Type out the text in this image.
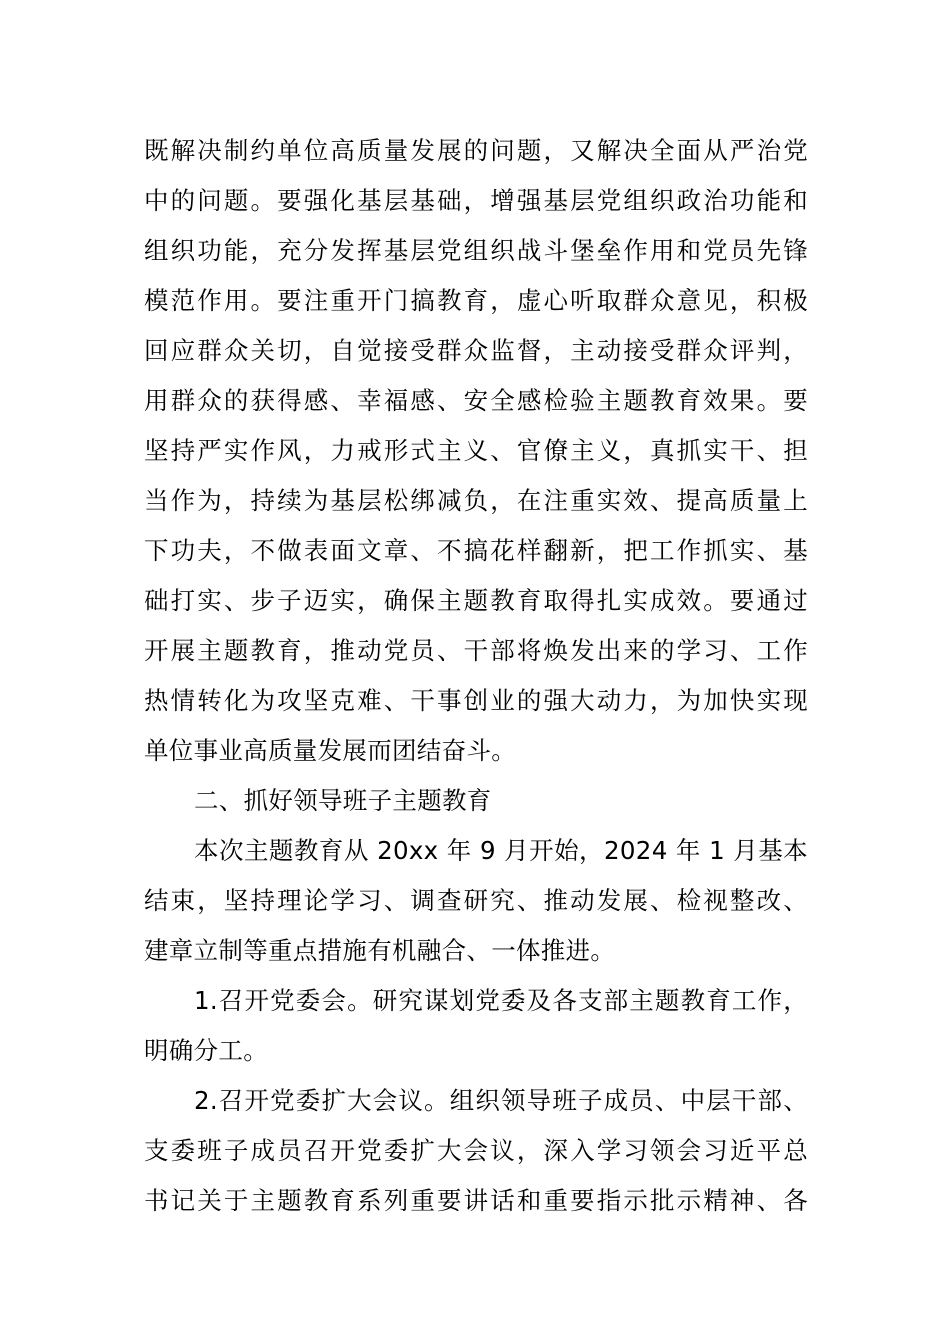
既解决制约单位高质量发展的问题，又解决全面从严治党
中的问题。要强化基层基础，增强基层党组织政治功能和
组织功能，充分发挥基层党组织战斗堡垒作用和党员先锋
模范作用。要注重开门搞教育，虚心听取群众意见，积极
回应群众关切，自觉接受群众监督，主动接受群众评判，
用群众的获得感、幸福感、安全感检验主题教育效果。要
坚持严实作风，力戒形式主义、官僚主义，真抓实干、担
当作为，持续为基层松绑减负，在注重实效、提高质量上
下功夫，不做表面文章、不搞花样翻新，把工作抓实、基
础打实、步子迈实，确保主题教育取得扎实成效。要通过
开展主题教育，推动党员、干部将焕发出来的学习、工作
热情转化为攻坚克难、干事创业的强大动力，为加快实现
单位事业高质量发展而团结奋斗。
二、抓好领导班子主题教育
本次主题教育从 20xx 年 9 月开始，2024 年 1 月基本
结束，坚持理论学习、调查研究、推动发展、检视整改、
建章立制等重点措施有机融合、一体推进。
1.召开党委会。研究谋划党委及各支部主题教育工作，
明确分工。
2.召开党委扩大会议。组织领导班子成员、中层干部、
支委班子成员召开党委扩大会议，深入学习领会习近平总
书记关于主题教育系列重要讲话和重要指示批示精神、各
